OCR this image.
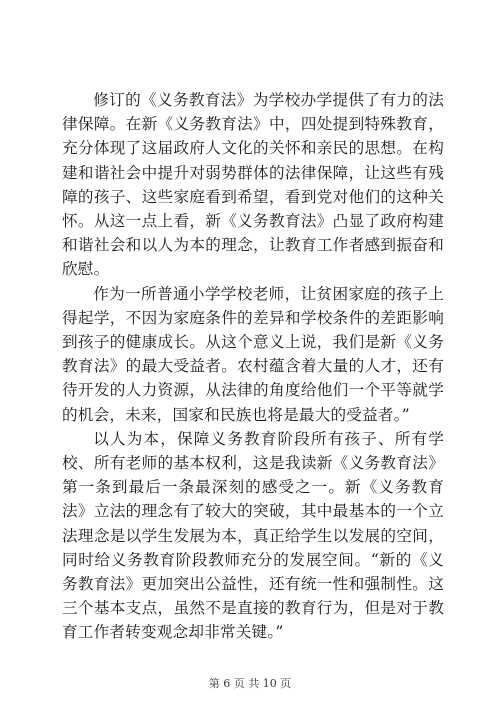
修订的《义务教育法》为学校办学提供了有力的法律保障。在新《义务教育法》中，四处提到特殊教育，充分体现了这届政府人文化的关怀和亲民的思想。在构建和谐社会中提升对弱势群体的法律保障，让这些有残障的孩子、这些家庭看到希望，看到党对他们的这种关怀。从这一点上看，新《义务教育法》凸显了政府构建和谐社会和以人为本的理念，让教育工作者感到振奋和欣慰。

作为一所普通小学学校老师，让贫困家庭的孩子上得起学，不因为家庭条件的差异和学校条件的差距影响到孩子的健康成长。从这个意义上说，我们是新《义务教育法》的最大受益者。农村蕴含着大量的人才，还有待开发的人力资源，从法律的角度给他们一个平等就学的机会，未来，国家和民族也将是最大的受益者。”

以人为本，保障义务教育阶段所有孩子、所有学校、所有老师的基本权利，这是我读新《义务教育法》第一条到最后一条最深刻的感受之一。新《义务教育法》立法的理念有了较大的突破，其中最基本的一个立法理念是以学生发展为本，真正给学生以发展的空间，同时给义务教育阶段教师充分的发展空间。“新的《义务教育法》更加突出公益性，还有统一性和强制性。这三个基本支点，虽然不是直接的教育行为，但是对于教育工作者转变观念却非常关键。”

第 6 页 共 10 页
